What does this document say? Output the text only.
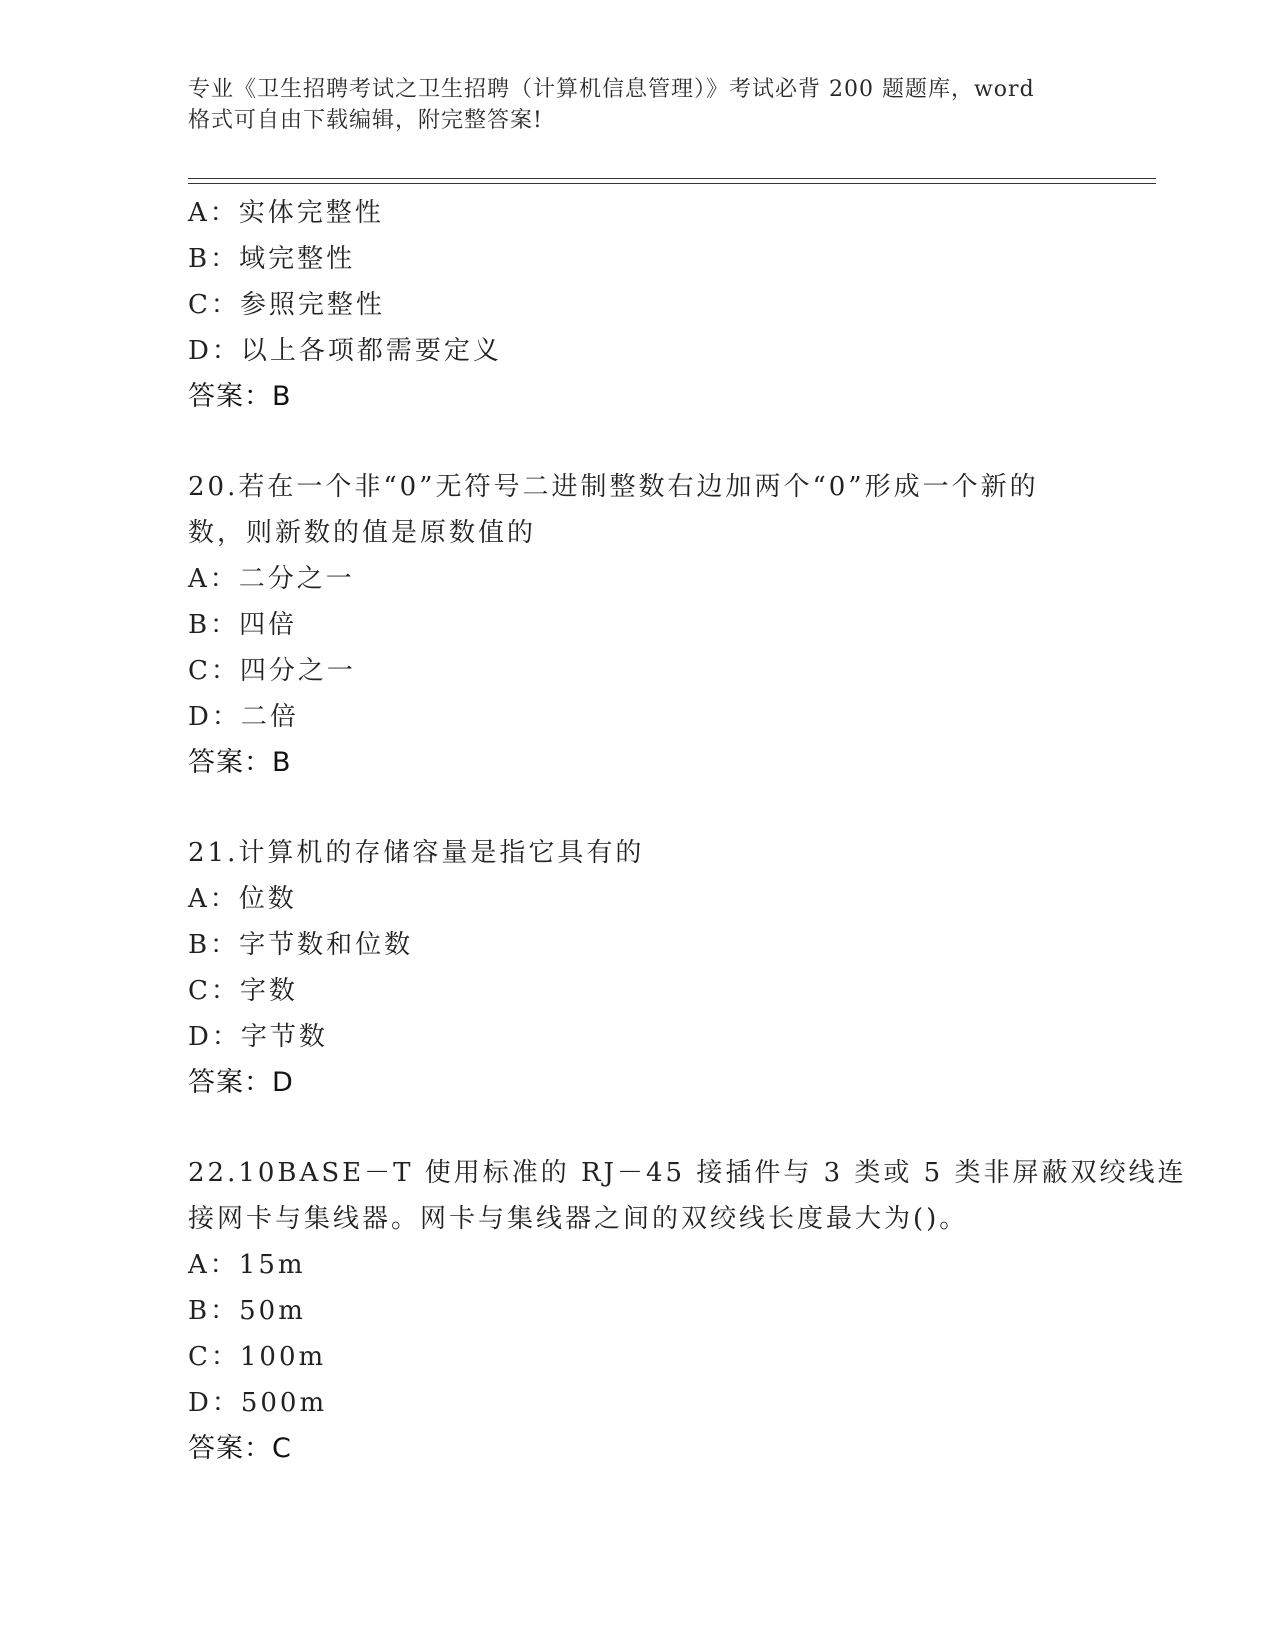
专业《卫生招聘考试之卫生招聘（计算机信息管理）》考试必背 200 题题库，word
格式可自由下载编辑，附完整答案!
A：实体完整性
B：域完整性
C：参照完整性
D：以上各项都需要定义
答案：B
20.若在一个非“0”无符号二进制整数右边加两个“0”形成一个新的
数，则新数的值是原数值的
A：二分之一
B：四倍
C：四分之一
D：二倍
答案：B
21.计算机的存储容量是指它具有的
A：位数
B：字节数和位数
C：字数
D：字节数
答案：D
22.10BASE－T 使用标准的 RJ－45 接插件与 3 类或 5 类非屏蔽双绞线连
接网卡与集线器。网卡与集线器之间的双绞线长度最大为()。
A：15m
B：50m
C：100m
D：500m
答案：C
